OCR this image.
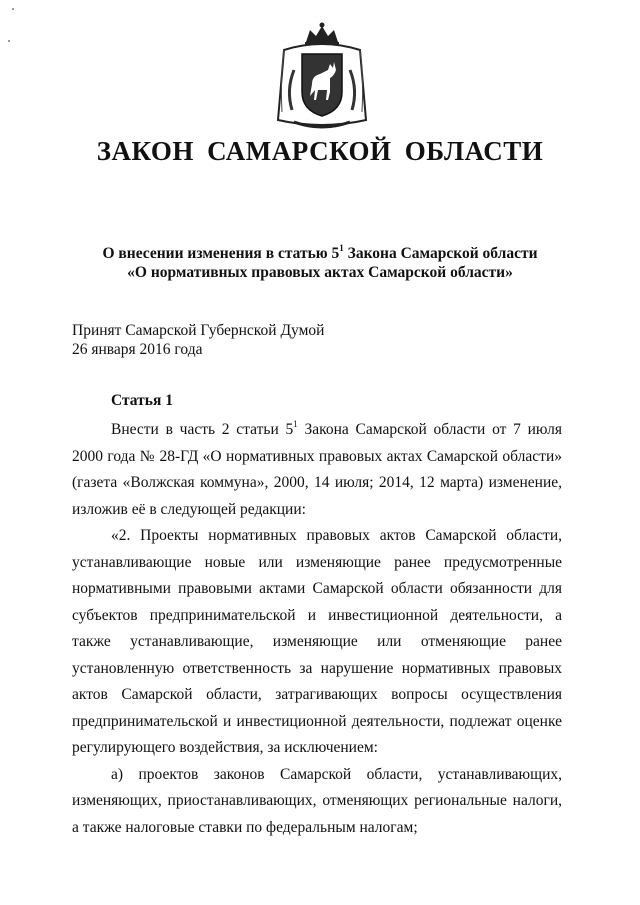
ЗАКОН САМАРСКОЙ ОБЛАСТИ
О внесении изменения в статью $5^1$ Закона Самарской области
«О нормативных правовых актах Самарской области»
Принят Самарской Губернской Думой
26 января 2016 года
Статья 1

Внести в часть 2 статьи $5^1$ Закона Самарской области от 7 июля 2000 года № 28-ГД «О нормативных правовых актах Самарской области» (газета «Волжская коммуна», 2000, 14 июля; 2014, 12 марта) изменение, изложив её в следующей редакции:

«2. Проекты нормативных правовых актов Самарской области, устанавливающие новые или изменяющие ранее предусмотренные нормативными правовыми актами Самарской области обязанности для субъектов предпринимательской и инвестиционной деятельности, а также устанавливающие, изменяющие или отменяющие ранее установленную ответственность за нарушение нормативных правовых актов Самарской области, затрагивающих вопросы осуществления предпринимательской и инвестиционной деятельности, подлежат оценке регулирующего воздействия, за исключением:

а) проектов законов Самарской области, устанавливающих, изменяющих, приостанавливающих, отменяющих региональные налоги, а также налоговые ставки по федеральным налогам;
